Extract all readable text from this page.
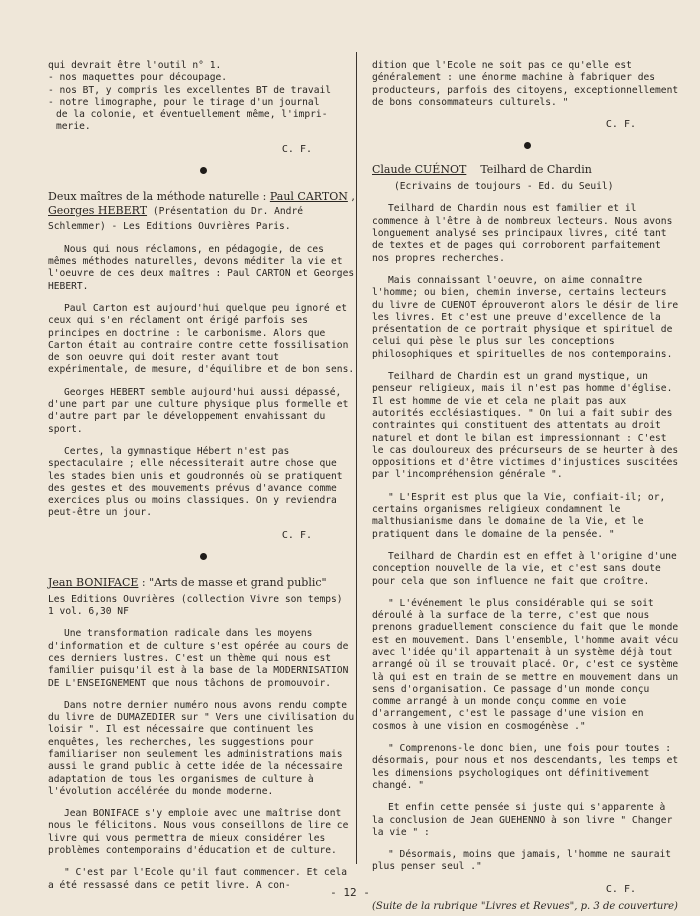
qui devrait être l'outil n° 1.

- nos maquettes pour découpage.

- nos BT, y compris les excellentes BT de travail

- notre limographe, pour le tirage d'un journal

de la colonie, et éventuellement même, l'impri-

merie.

C. F.

Deux maîtres de la méthode naturelle : Paul CARTON , Georges HEBERT (Présentation du Dr. André Schlemmer) - Les Editions Ouvrières Paris.

Nous qui nous réclamons, en pédagogie, de ces mêmes méthodes naturelles, devons méditer la vie et l'oeuvre de ces deux maîtres : Paul CARTON et Georges HEBERT.

Paul Carton est aujourd'hui quelque peu ignoré et ceux qui s'en réclament ont érigé parfois ses principes en doctrine : le carbonisme. Alors que Carton était au contraire contre cette fossilisation de son oeuvre qui doit rester avant tout expérimentale, de mesure, d'équilibre et de bon sens.

Georges HEBERT semble aujourd'hui aussi dépassé, d'une part par une culture physique plus formelle et d'autre part par le développement envahissant du sport.

Certes, la gymnastique Hébert n'est pas spectaculaire ; elle nécessiterait autre chose que les stades bien unis et goudronnés où se pratiquent des gestes et des mouvements prévus d'avance comme exercices plus ou moins classiques. On y reviendra peut-être un jour.

C. F.

Jean BONIFACE : "Arts de masse et grand public"

Les Editions Ouvrières (collection Vivre son temps)

1 vol. 6,30 NF

Une transformation radicale dans les moyens d'information et de culture s'est opérée au cours de ces derniers lustres. C'est un thème qui nous est familier puisqu'il est à la base de la MODERNISATION DE L'ENSEIGNEMENT que nous tâchons de promouvoir.

Dans notre dernier numéro nous avons rendu compte du livre de DUMAZEDIER sur " Vers une civilisation du loisir ". Il est nécessaire que continuent les enquêtes, les recherches, les suggestions pour familiariser non seulement les administrations mais aussi le grand public à cette idée de la nécessaire adaptation de tous les organismes de culture à l'évolution accélérée du monde moderne.

Jean BONIFACE s'y emploie avec une maîtrise dont nous le félicitons. Nous vous conseillons de lire ce livre qui vous permettra de mieux considérer les problèmes contemporains d'éducation et de culture.

" C'est par l'Ecole qu'il faut commencer. Et cela a été ressassé dans ce petit livre. A con-

dition que l'Ecole ne soit pas ce qu'elle est généralement : une énorme machine à fabriquer des producteurs, parfois des citoyens, exceptionnellement de bons consommateurs culturels. "

C. F.

Claude CUÉNOT Teilhard de Chardin

(Ecrivains de toujours - Ed. du Seuil)

Teilhard de Chardin nous est familier et il commence à l'être à de nombreux lecteurs. Nous avons longuement analysé ses principaux livres, cité tant de textes et de pages qui corroborent parfaitement nos propres recherches.

Mais connaissant l'oeuvre, on aime connaître l'homme; ou bien, chemin inverse, certains lecteurs du livre de CUENOT éprouveront alors le désir de lire les livres. Et c'est une preuve d'excellence de la présentation de ce portrait physique et spirituel de celui qui pèse le plus sur les conceptions philosophiques et spirituelles de nos contemporains.

Teilhard de Chardin est un grand mystique, un penseur religieux, mais il n'est pas homme d'église. Il est homme de vie et cela ne plait pas aux autorités ecclésiastiques. " On lui a fait subir des contraintes qui constituent des attentats au droit naturel et dont le bilan est impressionnant : C'est le cas douloureux des précurseurs de se heurter à des oppositions et d'être victimes d'injustices suscitées par l'incompréhension générale ".

" L'Esprit est plus que la Vie, confiait-il; or, certains organismes religieux condamnent le malthusianisme dans le domaine de la Vie, et le pratiquent dans le domaine de la pensée. "

Teilhard de Chardin est en effet à l'origine d'une conception nouvelle de la vie, et c'est sans doute pour cela que son influence ne fait que croître.

" L'événement le plus considérable qui se soit déroulé à la surface de la terre, c'est que nous prenons graduellement conscience du fait que le monde est en mouvement. Dans l'ensemble, l'homme avait vécu avec l'idée qu'il appartenait à un système déjà tout arrangé où il se trouvait placé. Or, c'est ce système là qui est en train de se mettre en mouvement dans un sens d'organisation. Ce passage d'un monde conçu comme arrangé à un monde conçu comme en voie d'arrangement, c'est le passage d'une vision en cosmos à une vision en cosmogénèse ."

" Comprenons-le donc bien, une fois pour toutes : désormais, pour nous et nos descendants, les temps et les dimensions psychologiques ont définitivement changé. "

Et enfin cette pensée si juste qui s'apparente à la conclusion de Jean GUEHENNO à son livre " Changer la vie " :

" Désormais, moins que jamais, l'homme ne saurait plus penser seul ."

C. F.

(Suite de la rubrique "Livres et Revues", p. 3 de couverture)

- 12 -
